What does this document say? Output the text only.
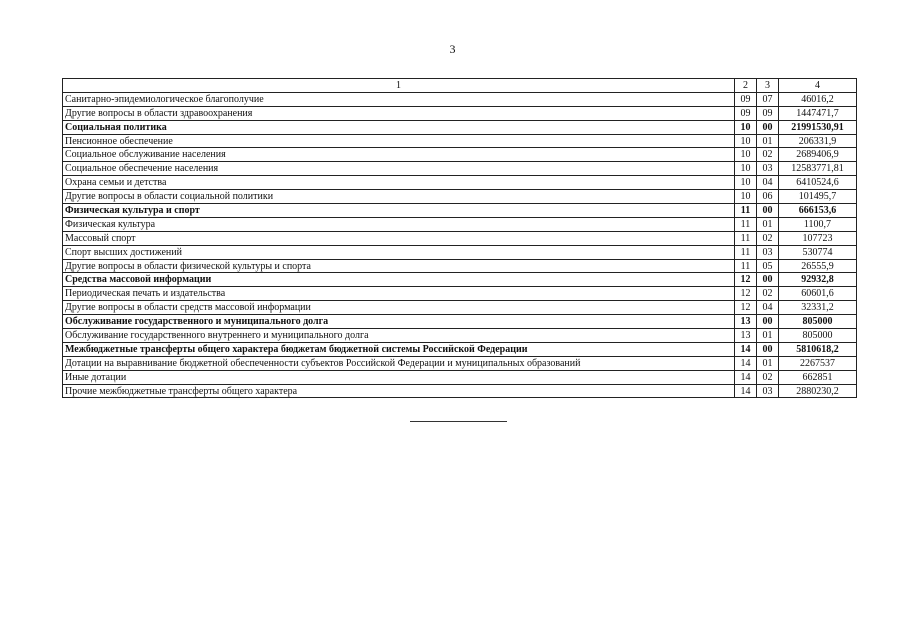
3
1	2	3	4
Санитарно-эпидемиологическое благополучие	09	07	46016,2
Другие вопросы в области здравоохранения	09	09	1447471,7
Социальная политика	10	00	21991530,91
Пенсионное обеспечение	10	01	206331,9
Социальное обслуживание населения	10	02	2689406,9
Социальное обеспечение населения	10	03	12583771,81
Охрана семьи и детства	10	04	6410524,6
Другие вопросы в области социальной политики	10	06	101495,7
Физическая культура и спорт	11	00	666153,6
Физическая культура	11	01	1100,7
Массовый спорт	11	02	107723
Спорт высших достижений	11	03	530774
Другие вопросы в области физической культуры и спорта	11	05	26555,9
Средства массовой информации	12	00	92932,8
Периодическая печать и издательства	12	02	60601,6
Другие вопросы в области средств массовой информации	12	04	32331,2
Обслуживание государственного и муниципального долга	13	00	805000
Обслуживание государственного внутреннего и муниципального долга	13	01	805000
Межбюджетные трансферты общего характера бюджетам бюджетной системы Российской Федерации	14	00	5810618,2
Дотации на выравнивание бюджетной обеспеченности субъектов Российской Федерации и муниципальных образований	14	01	2267537
Иные дотации	14	02	662851
Прочие межбюджетные трансферты общего характера	14	03	2880230,2
